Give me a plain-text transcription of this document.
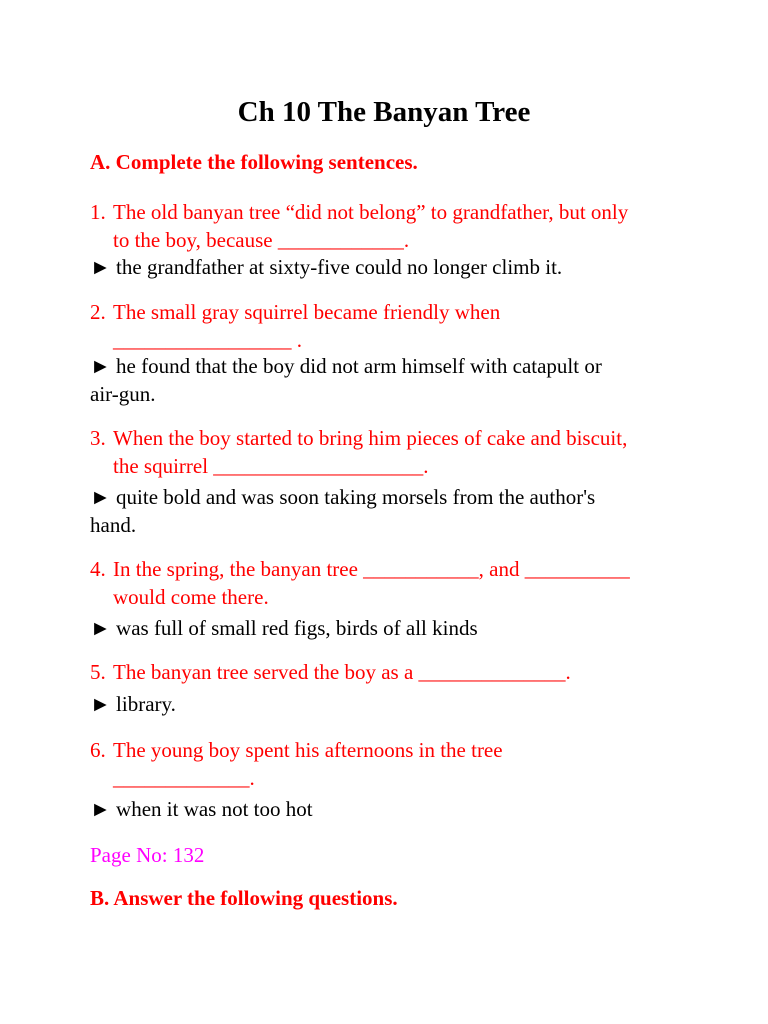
Ch 10 The Banyan Tree
A. Complete the following sentences.
1. The old banyan tree “did not belong” to grandfather, but only
to the boy, because ____________.
► the grandfather at sixty-five could no longer climb it.
2. The small gray squirrel became friendly when
_________________ .
► he found that the boy did not arm himself with catapult or
air-gun.
3. When the boy started to bring him pieces of cake and biscuit,
the squirrel ____________________.
► quite bold and was soon taking morsels from the author's
hand.
4. In the spring, the banyan tree ___________, and __________
would come there.
► was full of small red figs, birds of all kinds
5. The banyan tree served the boy as a ______________.
► library.
6. The young boy spent his afternoons in the tree
_____________.
► when it was not too hot
Page No: 132
B. Answer the following questions.
